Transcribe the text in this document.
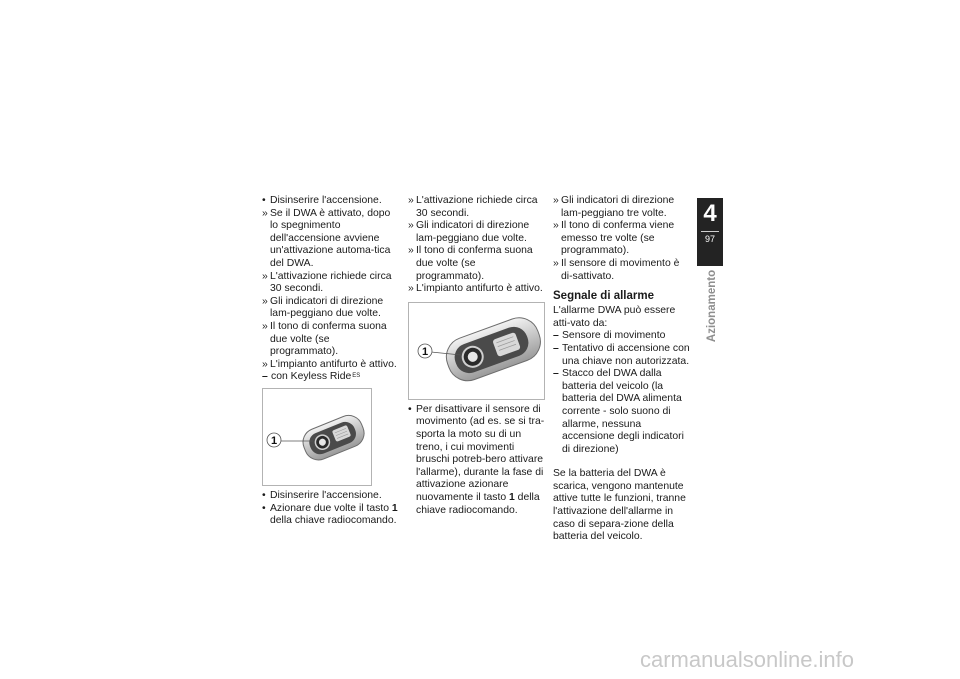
• Disinserire l'accensione.
» Se il DWA è attivato, dopo lo spegnimento dell'accensione avviene un'attivazione automa-tica del DWA.
» L'attivazione richiede circa 30 secondi.
» Gli indicatori di direzione lam-peggiano due volte.
» Il tono di conferma suona due volte (se programmato).
» L'impianto antifurto è attivo.
– con Keyless Ride$^{ES}$
1
• Disinserire l'accensione.
• Azionare due volte il tasto 1 della chiave radiocomando.
» L'attivazione richiede circa 30 secondi.
» Gli indicatori di direzione lam-peggiano due volte.
» Il tono di conferma suona due volte (se programmato).
» L'impianto antifurto è attivo.
1
• Per disattivare il sensore di movimento (ad es. se si tra-sporta la moto su di un treno, i cui movimenti bruschi potreb-bero attivare l'allarme), durante la fase di attivazione azionare nuovamente il tasto 1 della chiave radiocomando.
» Gli indicatori di direzione lam-peggiano tre volte.
» Il tono di conferma viene emesso tre volte (se programmato).
» Il sensore di movimento è di-sattivato.
Segnale di allarme

L'allarme DWA può essere atti-vato da:

– Sensore di movimento
– Tentativo di accensione con una chiave non autorizzata.
– Stacco del DWA dalla batteria del veicolo (la batteria del DWA alimenta corrente - solo suono di allarme, nessuna accensione degli indicatori di direzione)

Se la batteria del DWA è scarica, vengono mantenute attive tutte le funzioni, tranne l'attivazione dell'allarme in caso di separa-zione della batteria del veicolo.

4
97
Azionamento
carmanualsonline.info
